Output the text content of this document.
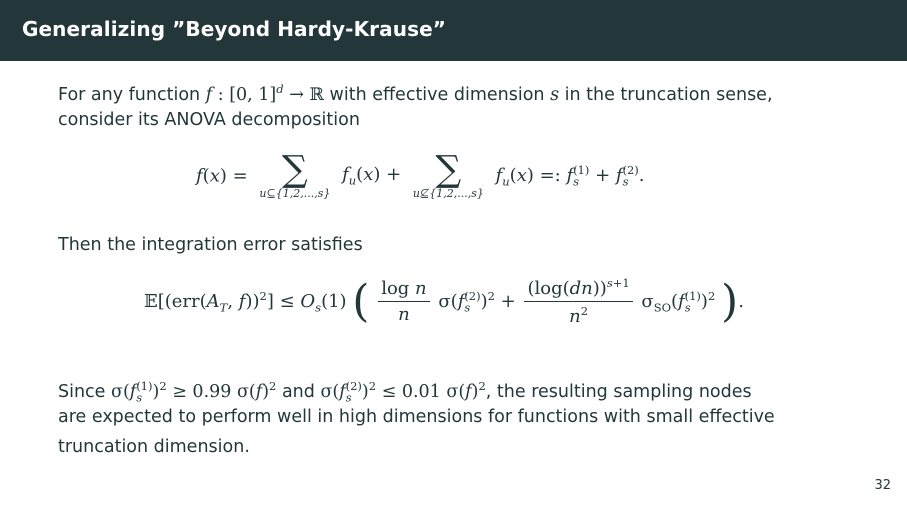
Generalizing ”Beyond Hardy-Krause”
For any function f : [0, 1]$^d$ → ℝ with effective dimension s in the truncation sense,
consider its ANOVA decomposition
f(x) = ∑
u⊆{1,2,...,s}
$f_u(x)$ + ∑
u⊈{1,2,...,s}
$f_u(x)$ =: $f_s^{(1)} + f_s^{(2)}$.
Then the integration error satisfies
$𝔼[(err(A_T$, $f))^2] \le O_s(1)$ ( $\frac{\text{log n}}{n} \sigma(f_s^{(2)})^2 + \frac{(\log(dn))^{s+1}}{n^2} \sigma_{SO}(f_s^{(1)})^2$ ).
Since $\sigma(f_s^{(1)})^2 \ge 0.99$ $\sigma(f)^2$ and $\sigma(f_s^{(2)})^2 \le 0.01$ $\sigma(f)^2$, the resulting sampling nodes
are expected to perform well in high dimensions for functions with small effective
truncation dimension.
32
